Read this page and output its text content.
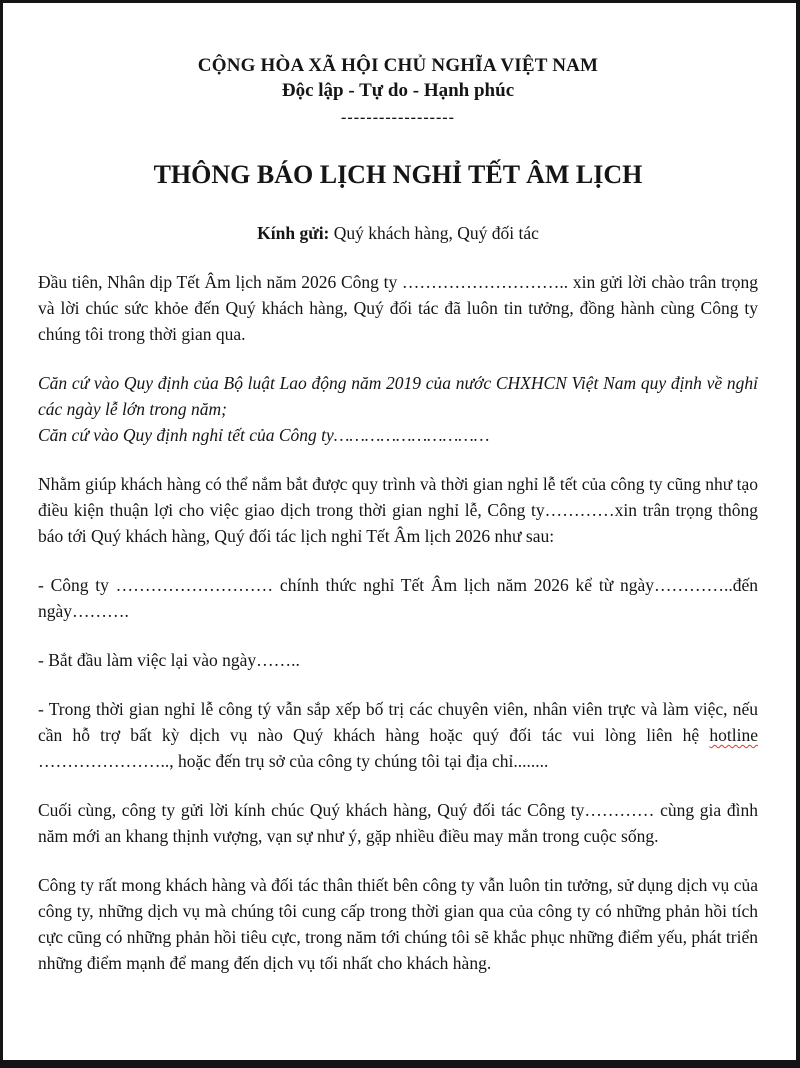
CỘNG HÒA XÃ HỘI CHỦ NGHĨA VIỆT NAM
Độc lập - Tự do - Hạnh phúc
------------------
THÔNG BÁO LỊCH NGHỈ TẾT ÂM LỊCH
Kính gửi: Quý khách hàng, Quý đối tác

Đầu tiên, Nhân dịp Tết Âm lịch năm 2026 Công ty ……………………….. xin gửi lời chào trân trọng và lời chúc sức khỏe đến Quý khách hàng, Quý đối tác đã luôn tin tưởng, đồng hành cùng Công ty chúng tôi trong thời gian qua.

Căn cứ vào Quy định của Bộ luật Lao động năm 2019 của nước CHXHCN Việt Nam quy định về nghỉ các ngày lễ lớn trong năm;

Căn cứ vào Quy định nghỉ tết của Công ty…………………………

Nhằm giúp khách hàng có thể nắm bắt được quy trình và thời gian nghỉ lễ tết của công ty cũng như tạo điều kiện thuận lợi cho việc giao dịch trong thời gian nghỉ lễ, Công ty…………xin trân trọng thông báo tới Quý khách hàng, Quý đối tác lịch nghỉ Tết Âm lịch 2026 như sau:

- Công ty ……………………… chính thức nghỉ Tết Âm lịch năm 2026 kể từ ngày…………..đến ngày……….

- Bắt đầu làm việc lại vào ngày……..

- Trong thời gian nghỉ lễ công tý vẫn sắp xếp bố trị các chuyên viên, nhân viên trực và làm việc, nếu cần hỗ trợ bất kỳ dịch vụ nào Quý khách hàng hoặc quý đối tác vui lòng liên hệ hotline ………………….., hoặc đến trụ sở của công ty chúng tôi tại địa chỉ........

Cuối cùng, công ty gửi lời kính chúc Quý khách hàng, Quý đối tác Công ty………… cùng gia đình năm mới an khang thịnh vượng, vạn sự như ý, gặp nhiều điều may mắn trong cuộc sống.

Công ty rất mong khách hàng và đối tác thân thiết bên công ty vẫn luôn tin tưởng, sử dụng dịch vụ của công ty, những dịch vụ mà chúng tôi cung cấp trong thời gian qua của công ty có những phản hồi tích cực cũng có những phản hồi tiêu cực, trong năm tới chúng tôi sẽ khắc phục những điểm yếu, phát triển những điểm mạnh để mang đến dịch vụ tối nhất cho khách hàng.
